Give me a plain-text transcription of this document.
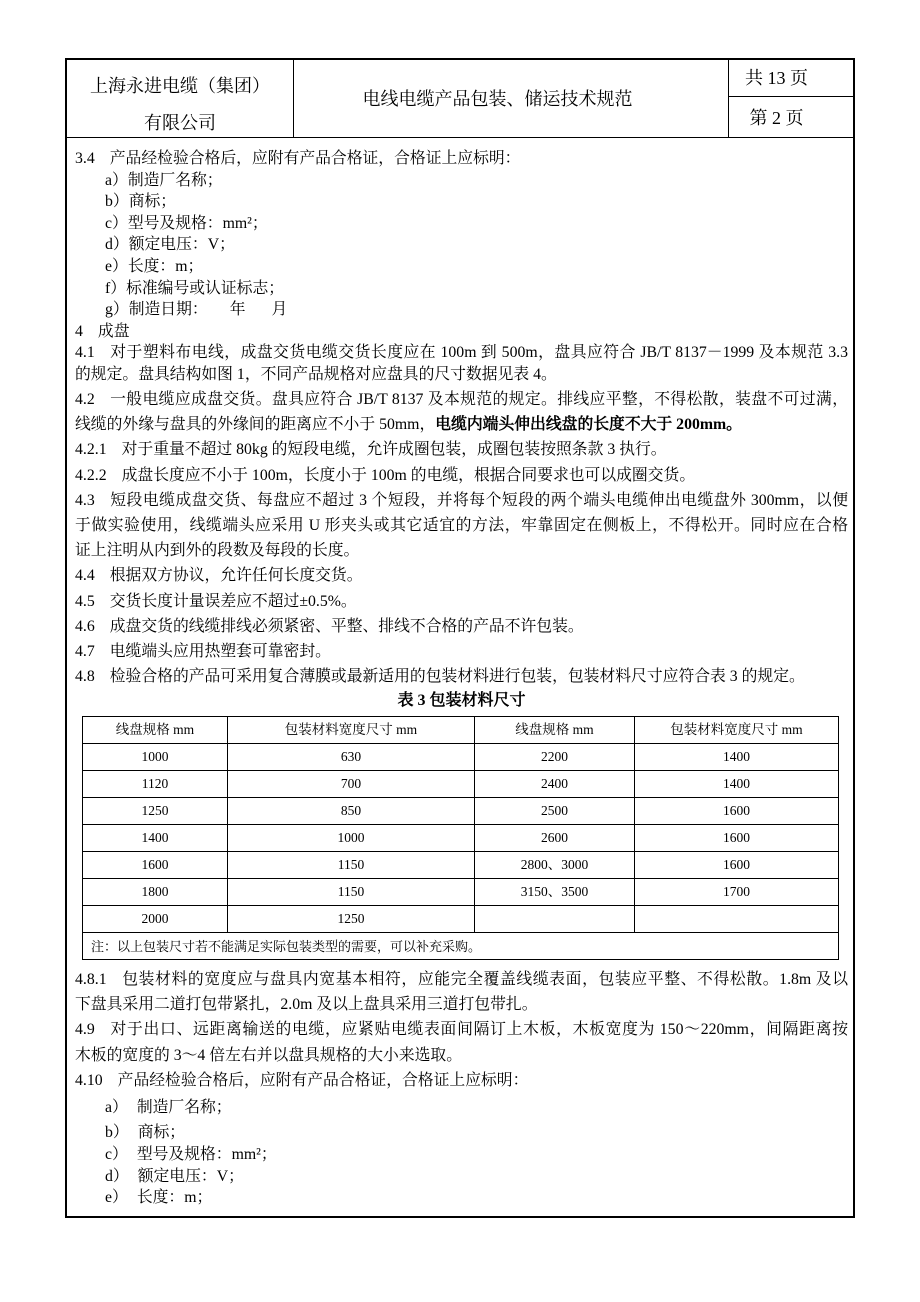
上海永进电缆（集团）
有限公司
电线电缆产品包装、储运技术规范
共 13 页
第 2 页
3.4 产品经检验合格后，应附有产品合格证，合格证上应标明：
a）制造厂名称；
b）商标；
c）型号及规格：mm²；
d）额定电压：V；
e）长度：m；
f）标准编号或认证标志；
g）制造日期： 年 月
4 成盘
4.1 对于塑料布电线，成盘交货电缆交货长度应在 100m 到 500m，盘具应符合 JB/T 8137－1999 及本规范 3.3
的规定。盘具结构如图 1，不同产品规格对应盘具的尺寸数据见表 4。
4.2 一般电缆应成盘交货。盘具应符合 JB/T 8137 及本规范的规定。排线应平整，不得松散，装盘不可过满，
线缆的外缘与盘具的外缘间的距离应不小于 50mm，电缆内端头伸出线盘的长度不大于 200mm。
4.2.1 对于重量不超过 80kg 的短段电缆，允许成圈包装，成圈包装按照条款 3 执行。
4.2.2 成盘长度应不小于 100m，长度小于 100m 的电缆，根据合同要求也可以成圈交货。
4.3 短段电缆成盘交货、每盘应不超过 3 个短段，并将每个短段的两个端头电缆伸出电缆盘外 300mm，以便
于做实验使用，线缆端头应采用 U 形夹头或其它适宜的方法，牢靠固定在侧板上，不得松开。同时应在合格
证上注明从内到外的段数及每段的长度。
4.4 根据双方协议，允许任何长度交货。
4.5 交货长度计量误差应不超过±0.5%。
4.6 成盘交货的线缆排线必须紧密、平整、排线不合格的产品不许包装。
4.7 电缆端头应用热塑套可靠密封。
4.8 检验合格的产品可采用复合薄膜或最新适用的包装材料进行包装，包装材料尺寸应符合表 3 的规定。
表 3 包装材料尺寸
线盘规格 mm	包装材料宽度尺寸 mm	线盘规格 mm	包装材料宽度尺寸 mm
1000	630	2200	1400
1120	700	2400	1400
1250	850	2500	1600
1400	1000	2600	1600
1600	1150	2800、3000	1600
1800	1150	3150、3500	1700
2000	1250		
注：以上包装尺寸若不能满足实际包装类型的需要，可以补充采购。			
4.8.1 包装材料的宽度应与盘具内宽基本相符，应能完全覆盖线缆表面，包装应平整、不得松散。1.8m 及以
下盘具采用二道打包带紧扎，2.0m 及以上盘具采用三道打包带扎。
4.9 对于出口、远距离输送的电缆，应紧贴电缆表面间隔订上木板，木板宽度为 150～220mm，间隔距离按
木板的宽度的 3～4 倍左右并以盘具规格的大小来选取。
4.10 产品经检验合格后，应附有产品合格证，合格证上应标明：
a） 制造厂名称；
b） 商标；
c） 型号及规格：mm²；
d） 额定电压：V；
e） 长度：m；
